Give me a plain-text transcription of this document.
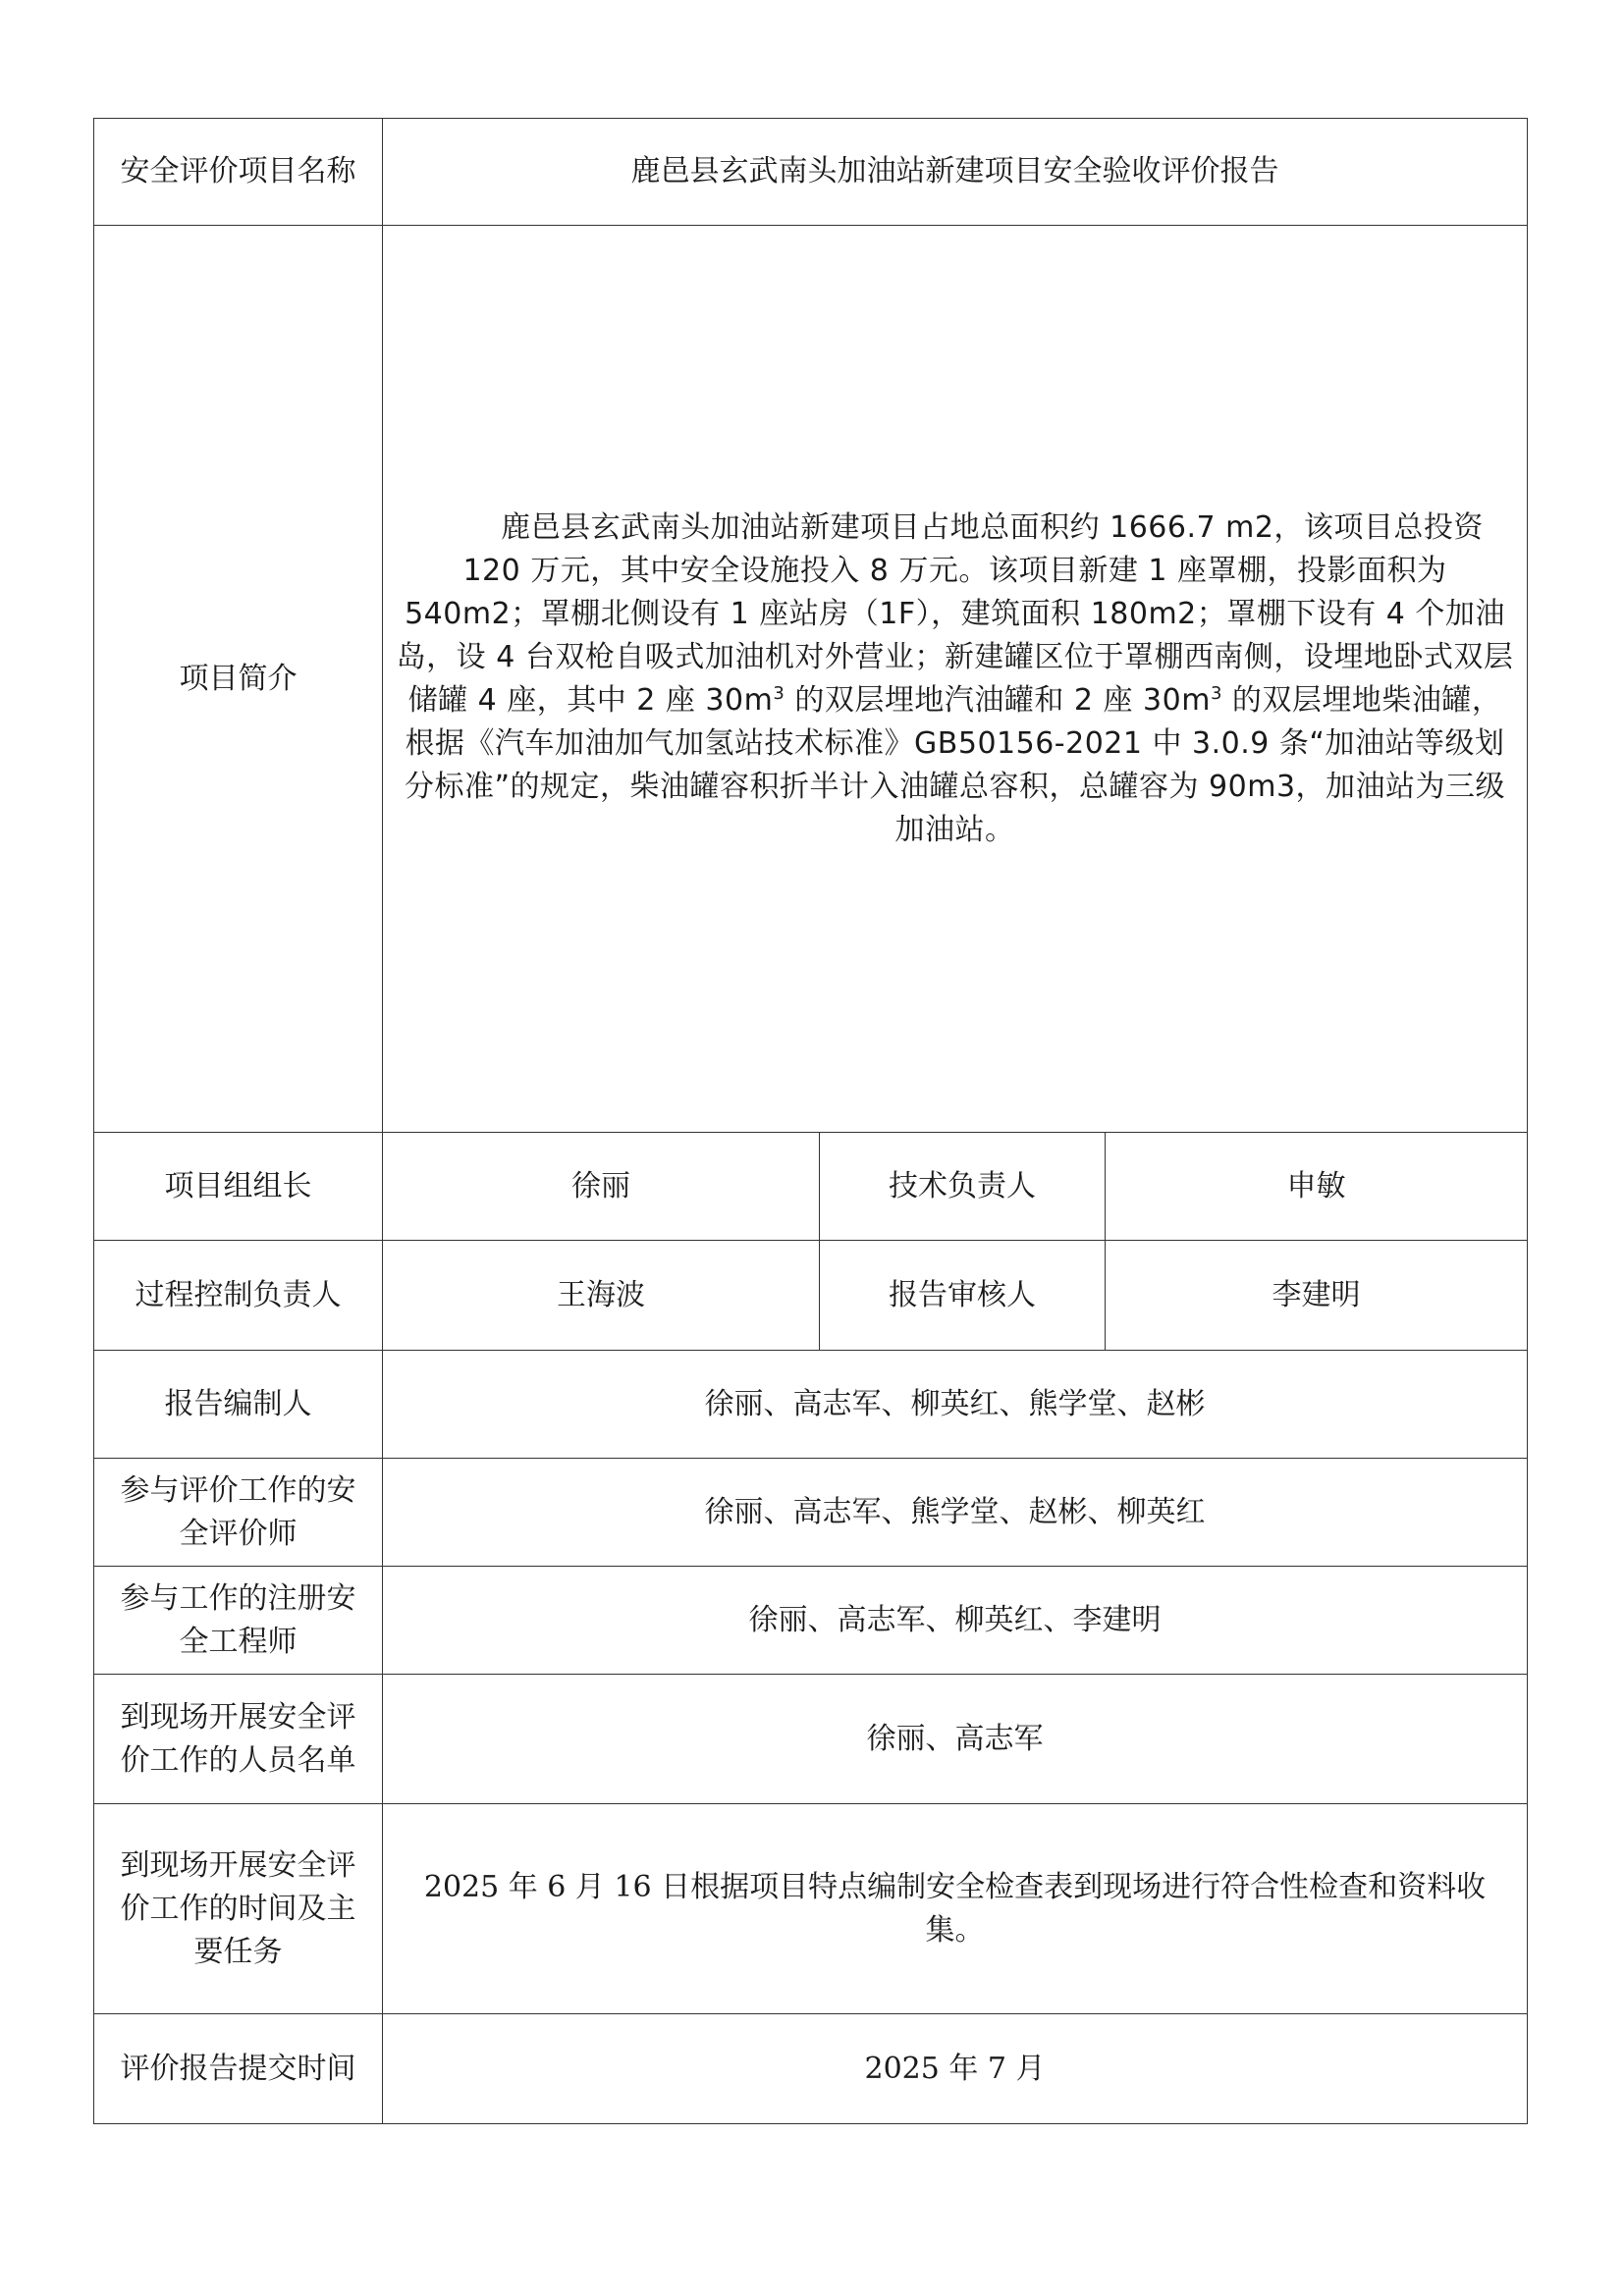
安全评价项目名称	鹿邑县玄武南头加油站新建项目安全验收评价报告		
项目简介	鹿邑县玄武南头加油站新建项目占地总面积约 1666.7 m2，该项目总投资 120 万元，其中安全设施投入 8 万元。该项目新建 1 座罩棚，投影面积为 540m2；罩棚北侧设有 1 座站房（1F），建筑面积 180m2；罩棚下设有 4 个加油岛，设 4 台双枪自吸式加油机对外营业；新建罐区位于罩棚西南侧，设埋地卧式双层储罐 4 座，其中 2 座 $30m^3$ 的双层埋地汽油罐和 2 座 $30m^3$ 的双层埋地柴油罐，根据《汽车加油加气加氢站技术标准》GB50156-2021 中 3.0.9 条“加油站等级划分标准”的规定，柴油罐容积折半计入油罐总容积，总罐容为 90m3，加油站为三级加油站。		
项目组组长	徐丽	技术负责人	申敏
过程控制负责人	王海波	报告审核人	李建明
报告编制人	徐丽、高志军、柳英红、熊学堂、赵彬		
参与评价工作的安全评价师	徐丽、高志军、熊学堂、赵彬、柳英红		
参与工作的注册安全工程师	徐丽、高志军、柳英红、李建明		
到现场开展安全评价工作的人员名单	徐丽、高志军		
到现场开展安全评价工作的时间及主要任务	2025 年 6 月 16 日根据项目特点编制安全检查表到现场进行符合性检查和资料收集。		
评价报告提交时间	2025 年 7 月		
